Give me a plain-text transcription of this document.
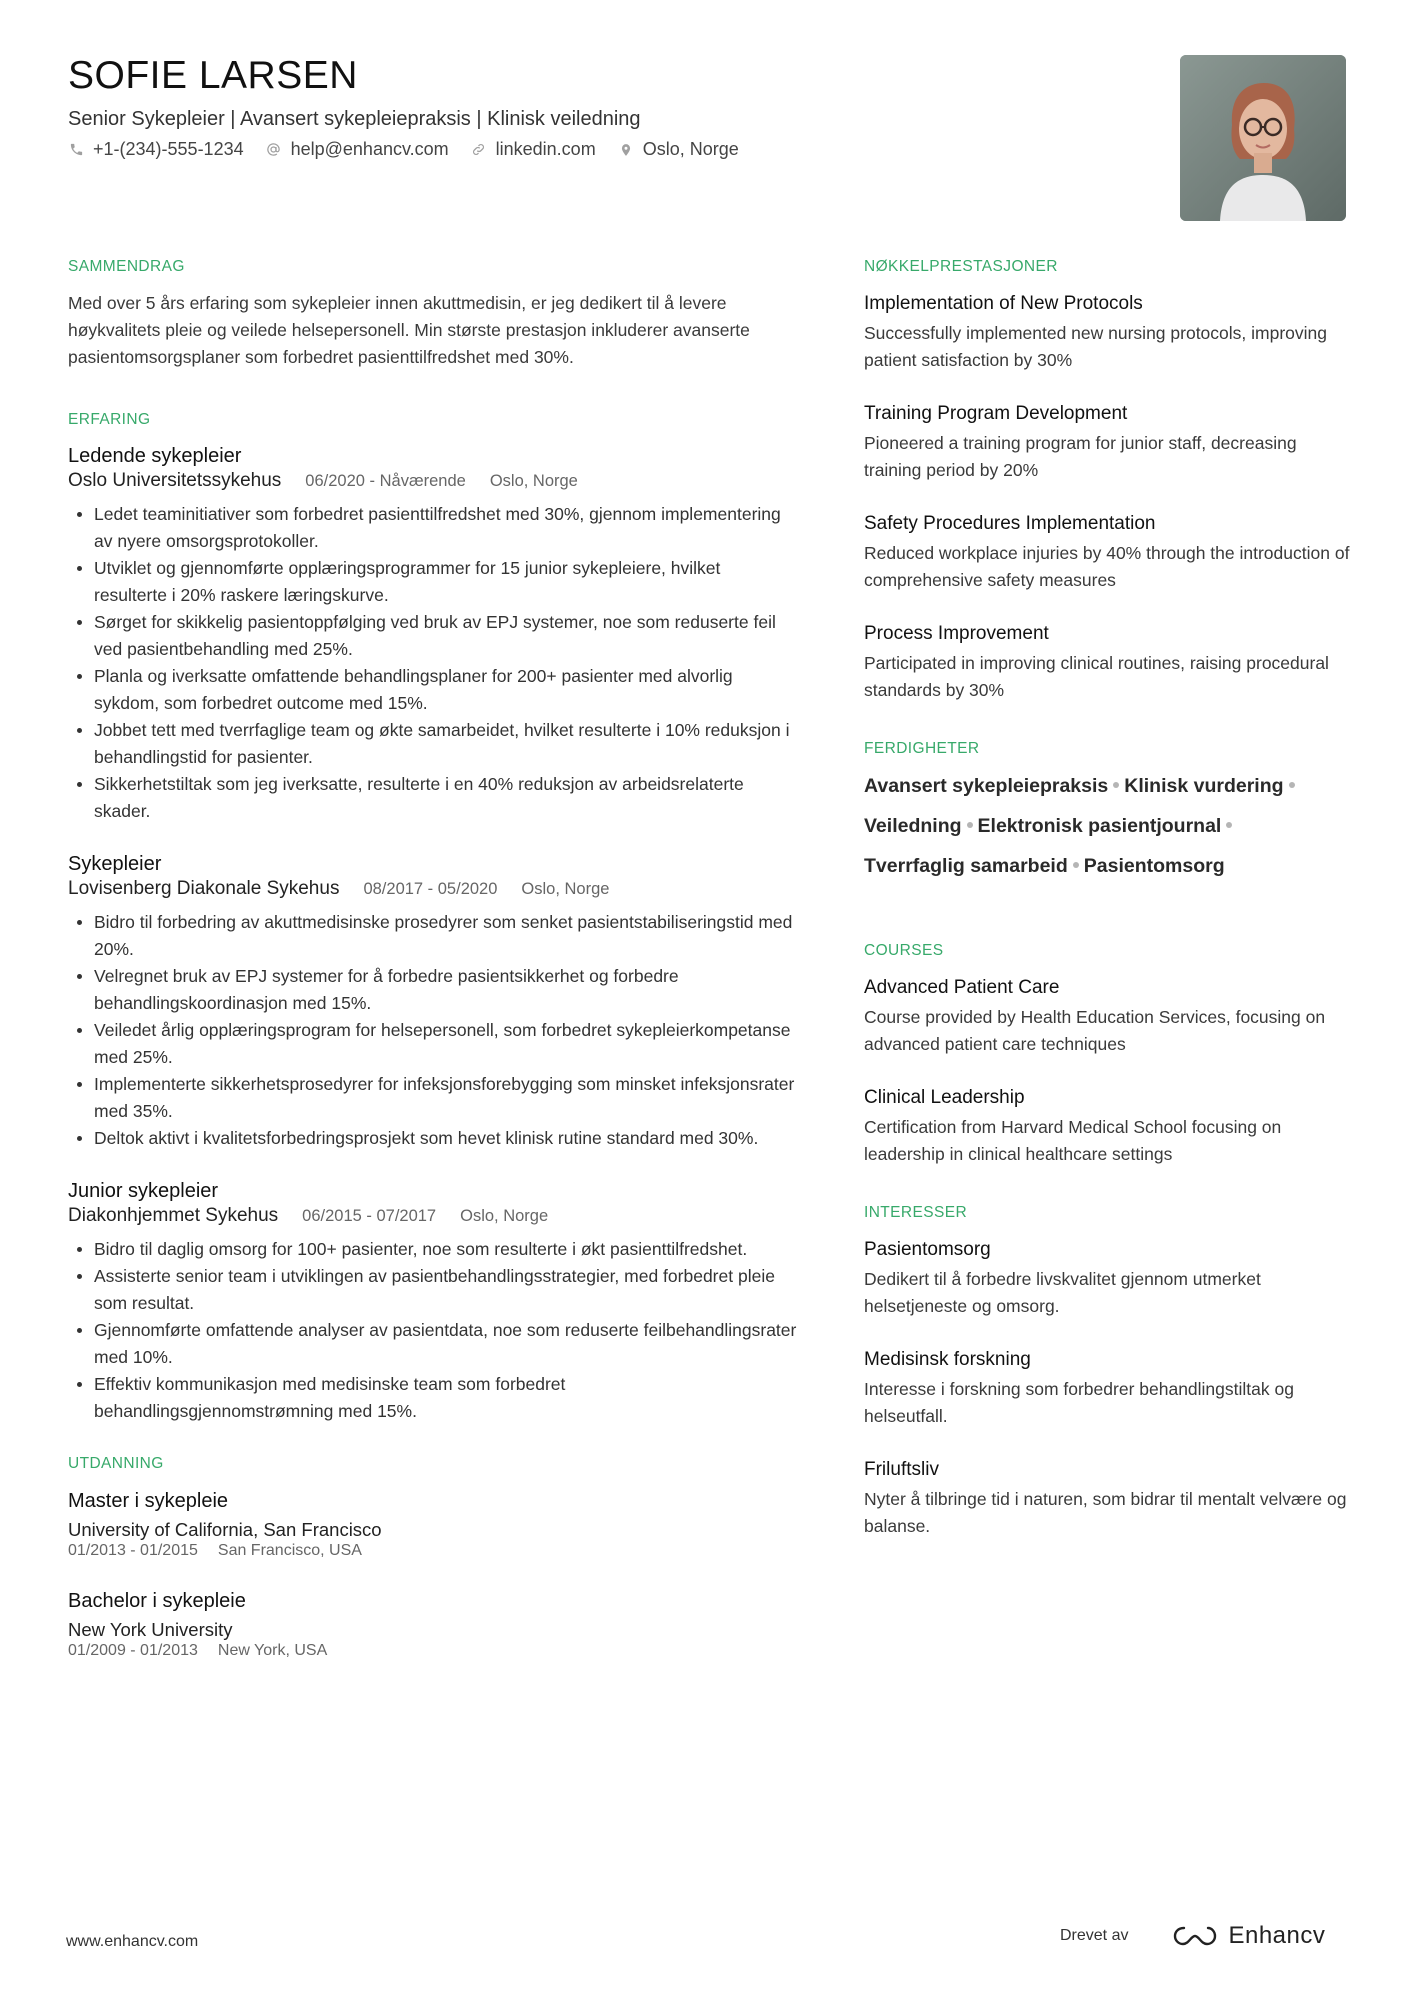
SOFIE LARSEN
Senior Sykepleier | Avansert sykepleiepraksis | Klinisk veiledning
+1-(234)-555-1234	help@enhancv.com	linkedin.com	Oslo, Norge
SAMMENDRAG

Med over 5 års erfaring som sykepleier innen akuttmedisin, er jeg dedikert til å levere høykvalitets pleie og veilede helsepersonell. Min største prestasjon inkluderer avanserte pasientomsorgsplaner som forbedret pasienttilfredshet med 30%.

ERFARING
Ledende sykepleier
Oslo Universitetssykehus 06/2020 - Nåværende Oslo, Norge
Ledet teaminitiativer som forbedret pasienttilfredshet med 30%, gjennom implementering av nyere omsorgsprotokoller.
Utviklet og gjennomførte opplæringsprogrammer for 15 junior sykepleiere, hvilket resulterte i 20% raskere læringskurve.
Sørget for skikkelig pasientoppfølging ved bruk av EPJ systemer, noe som reduserte feil ved pasientbehandling med 25%.
Planla og iverksatte omfattende behandlingsplaner for 200+ pasienter med alvorlig sykdom, som forbedret outcome med 15%.
Jobbet tett med tverrfaglige team og økte samarbeidet, hvilket resulterte i 10% reduksjon i behandlingstid for pasienter.
Sikkerhetstiltak som jeg iverksatte, resulterte i en 40% reduksjon av arbeidsrelaterte skader.
Sykepleier
Lovisenberg Diakonale Sykehus 08/2017 - 05/2020 Oslo, Norge
Bidro til forbedring av akuttmedisinske prosedyrer som senket pasientstabiliseringstid med 20%.
Velregnet bruk av EPJ systemer for å forbedre pasientsikkerhet og forbedre behandlingskoordinasjon med 15%.
Veiledet årlig opplæringsprogram for helsepersonell, som forbedret sykepleierkompetanse med 25%.
Implementerte sikkerhetsprosedyrer for infeksjonsforebygging som minsket infeksjonsrater med 35%.
Deltok aktivt i kvalitetsforbedringsprosjekt som hevet klinisk rutine standard med 30%.
Junior sykepleier
Diakonhjemmet Sykehus 06/2015 - 07/2017 Oslo, Norge
Bidro til daglig omsorg for 100+ pasienter, noe som resulterte i økt pasienttilfredshet.
Assisterte senior team i utviklingen av pasientbehandlingsstrategier, med forbedret pleie som resultat.
Gjennomførte omfattende analyser av pasientdata, noe som reduserte feilbehandlingsrater med 10%.
Effektiv kommunikasjon med medisinske team som forbedret behandlingsgjennomstrømning med 15%.
UTDANNING
Master i sykepleie
University of California, San Francisco
01/2013 - 01/2015 San Francisco, USA
Bachelor i sykepleie
New York University
01/2009 - 01/2013 New York, USA
NØKKELPRESTASJONER
Implementation of New Protocols
Successfully implemented new nursing protocols, improving patient satisfaction by 30%
Training Program Development
Pioneered a training program for junior staff, decreasing training period by 20%
Safety Procedures Implementation
Reduced workplace injuries by 40% through the introduction of comprehensive safety measures
Process Improvement
Participated in improving clinical routines, raising procedural standards by 30%
FERDIGHETER
Avansert sykepleiepraksis Klinisk vurdering
Veiledning Elektronisk pasientjournal
Tverrfaglig samarbeid Pasientomsorg
COURSES
Advanced Patient Care
Course provided by Health Education Services, focusing on advanced patient care techniques
Clinical Leadership
Certification from Harvard Medical School focusing on leadership in clinical healthcare settings
INTERESSER
Pasientomsorg
Dedikert til å forbedre livskvalitet gjennom utmerket helsetjeneste og omsorg.
Medisinsk forskning
Interesse i forskning som forbedrer behandlingstiltak og helseutfall.
Friluftsliv
Nyter å tilbringe tid i naturen, som bidrar til mentalt velvære og balanse.
www.enhancv.com	Drevet av	Enhancv
